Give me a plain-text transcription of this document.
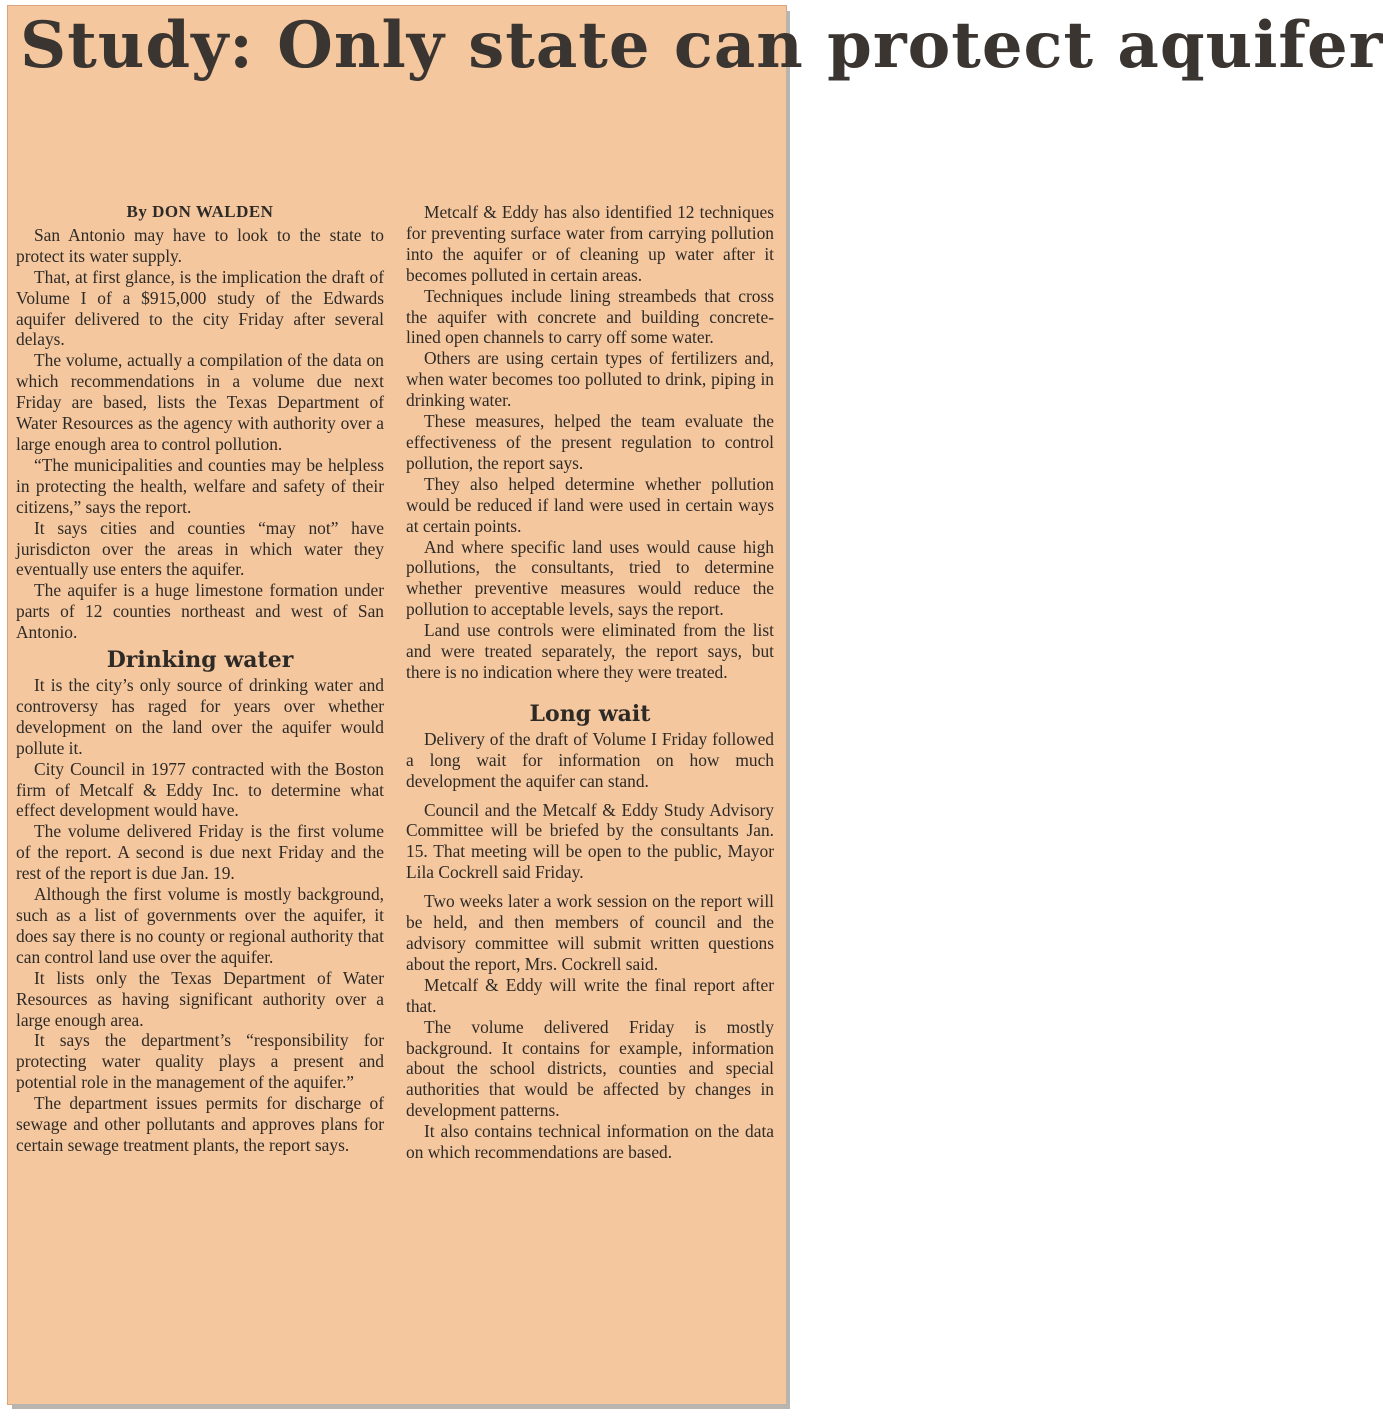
Study: Only state can protect aquifer
By DON WALDEN

San Antonio may have to look to the state to protect its water supply.

That, at first glance, is the implication the draft of Volume I of a $915,000 study of the Edwards aquifer delivered to the city Friday after several delays.

The volume, actually a compilation of the data on which recommendations in a volume due next Friday are based, lists the Texas Department of Water Resources as the agency with authority over a large enough area to control pollution.

“The municipalities and counties may be helpless in protecting the health, welfare and safety of their citizens,” says the report.

It says cities and counties “may not” have jurisdicton over the areas in which water they eventually use enters the aquifer.

The aquifer is a huge limestone formation under parts of 12 counties northeast and west of San Antonio.

Drinking water

It is the city’s only source of drinking water and controversy has raged for years over whether development on the land over the aquifer would pollute it.

City Council in 1977 contracted with the Boston firm of Metcalf & Eddy Inc. to determine what effect development would have.

The volume delivered Friday is the first volume of the report. A second is due next Friday and the rest of the report is due Jan. 19.

Although the first volume is mostly background, such as a list of governments over the aquifer, it does say there is no county or regional authority that can control land use over the aquifer.

It lists only the Texas Department of Water Resources as having significant authority over a large enough area.

It says the department’s “responsibility for protecting water quality plays a present and potential role in the management of the aquifer.”

The department issues permits for discharge of sewage and other pollutants and approves plans for certain sewage treatment plants, the report says.

Metcalf & Eddy has also identified 12 techniques for preventing surface water from carrying pollution into the aquifer or of cleaning up water after it becomes polluted in certain areas.

Techniques include lining streambeds that cross the aquifer with concrete and building concrete-lined open channels to carry off some water.

Others are using certain types of fertilizers and, when water becomes too polluted to drink, piping in drinking water.

These measures, helped the team evaluate the effectiveness of the present regulation to control pollution, the report says.

They also helped determine whether pollution would be reduced if land were used in certain ways at certain points.

And where specific land uses would cause high pollutions, the consultants, tried to determine whether preventive measures would reduce the pollution to acceptable levels, says the report.

Land use controls were eliminated from the list and were treated separately, the report says, but there is no indication where they were treated.

Long wait

Delivery of the draft of Volume I Friday followed a long wait for information on how much development the aquifer can stand.

Council and the Metcalf & Eddy Study Advisory Committee will be briefed by the consultants Jan. 15. That meeting will be open to the public, Mayor Lila Cockrell said Friday.

Two weeks later a work session on the report will be held, and then members of council and the advisory committee will submit written questions about the report, Mrs. Cockrell said.

Metcalf & Eddy will write the final report after that.

The volume delivered Friday is mostly background. It contains for example, information about the school districts, counties and special authorities that would be affected by changes in development patterns.

It also contains technical information on the data on which recommendations are based.
